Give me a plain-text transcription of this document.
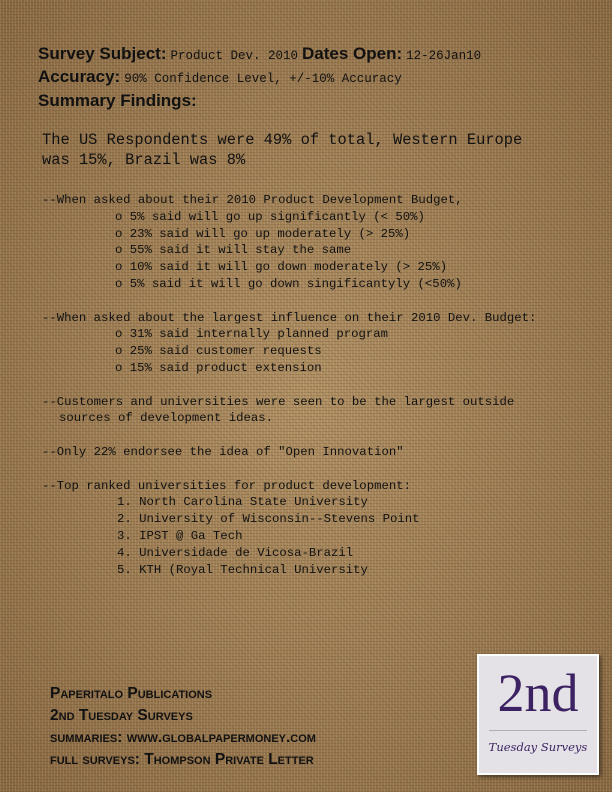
Survey Subject: Product Dev. 2010 Dates Open: 12-26Jan10
Accuracy: 90% Confidence Level, +/-10% Accuracy
Summary Findings:
The US Respondents were 49% of total, Western Europe
was 15%, Brazil was 8%

--When asked about their 2010 Product Development Budget,

o 5% said will go up significantly (< 50%)

o 23% said will go up moderately (> 25%)

o 55% said it will stay the same

o 10% said it will go down moderately (> 25%)

o 5% said it will go down singificantyly (<50%)

--When asked about the largest influence on their 2010 Dev. Budget:

o 31% said internally planned program

o 25% said customer requests

o 15% said product extension

--Customers and universities were seen to be the largest outside

sources of development ideas.

--Only 22% endorsee the idea of "Open Innovation"

--Top ranked universities for product development:

1. North Carolina State University

2. University of Wisconsin--Stevens Point

3. IPST @ Ga Tech

4. Universidade de Vicosa-Brazil

5. KTH (Royal Technical University

Paperitalo Publications
2nd Tuesday Surveys
summaries: www.globalpapermoney.com
full surveys: Thompson Private Letter
2nd
Tuesday Surveys
